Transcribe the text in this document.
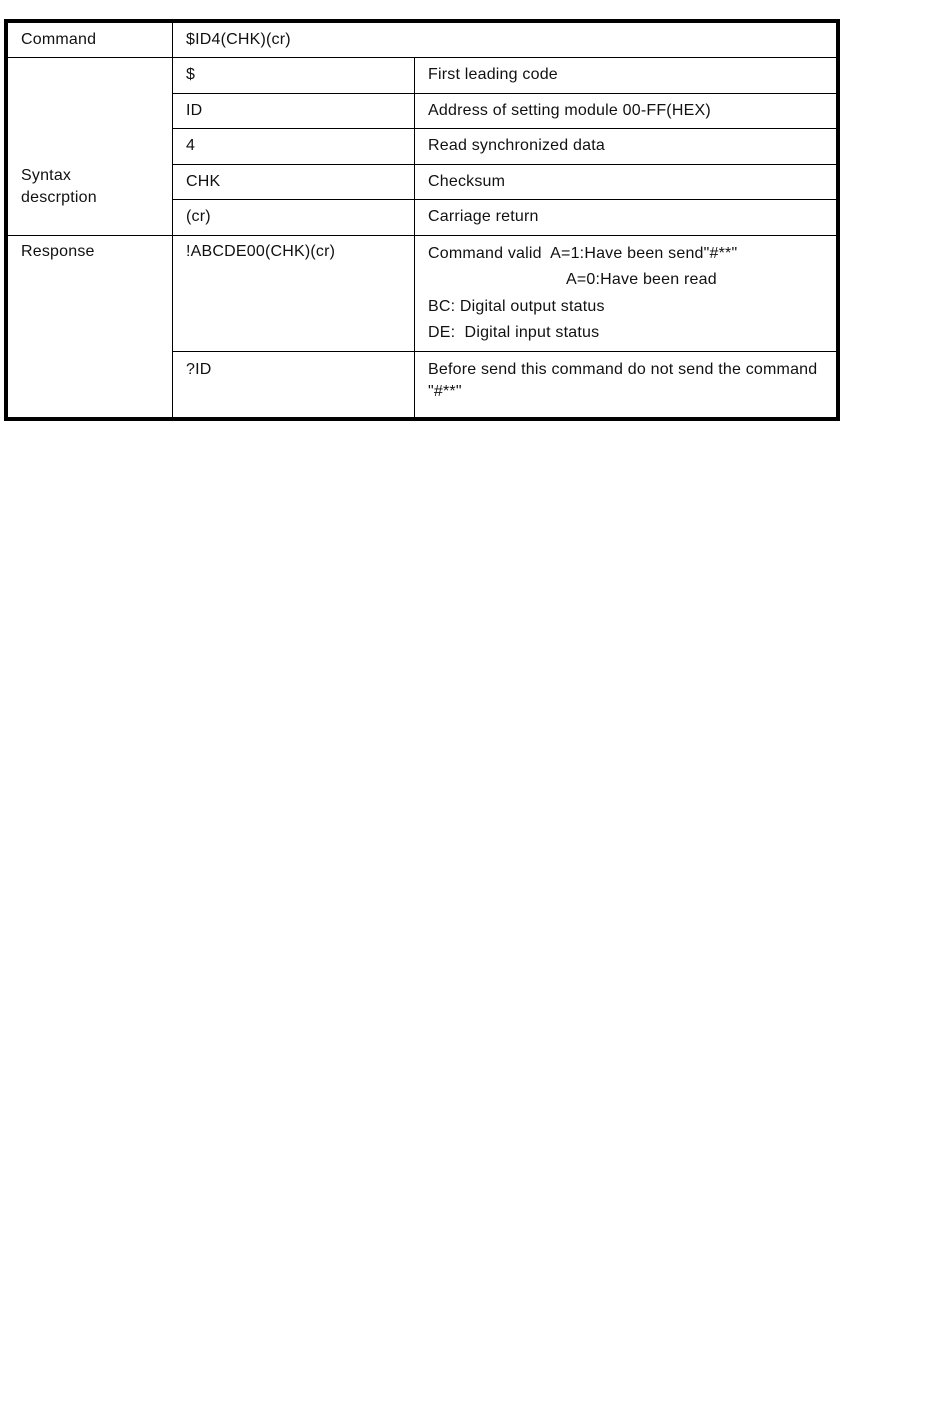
Command	$ID4(CHK)(cr)	

Syntax
descrption	$	First leading code
	ID	Address of setting module 00-FF(HEX)
	4	Read synchronized data
	CHK	Checksum
	(cr)	Carriage return
Response	!ABCDE00(CHK)(cr)	Command valid  A=1:Have been send"#**"
A=0:Have been read
BC: Digital output status
DE:  Digital input status

	?ID	Before send this command do not send the command
"#**"
